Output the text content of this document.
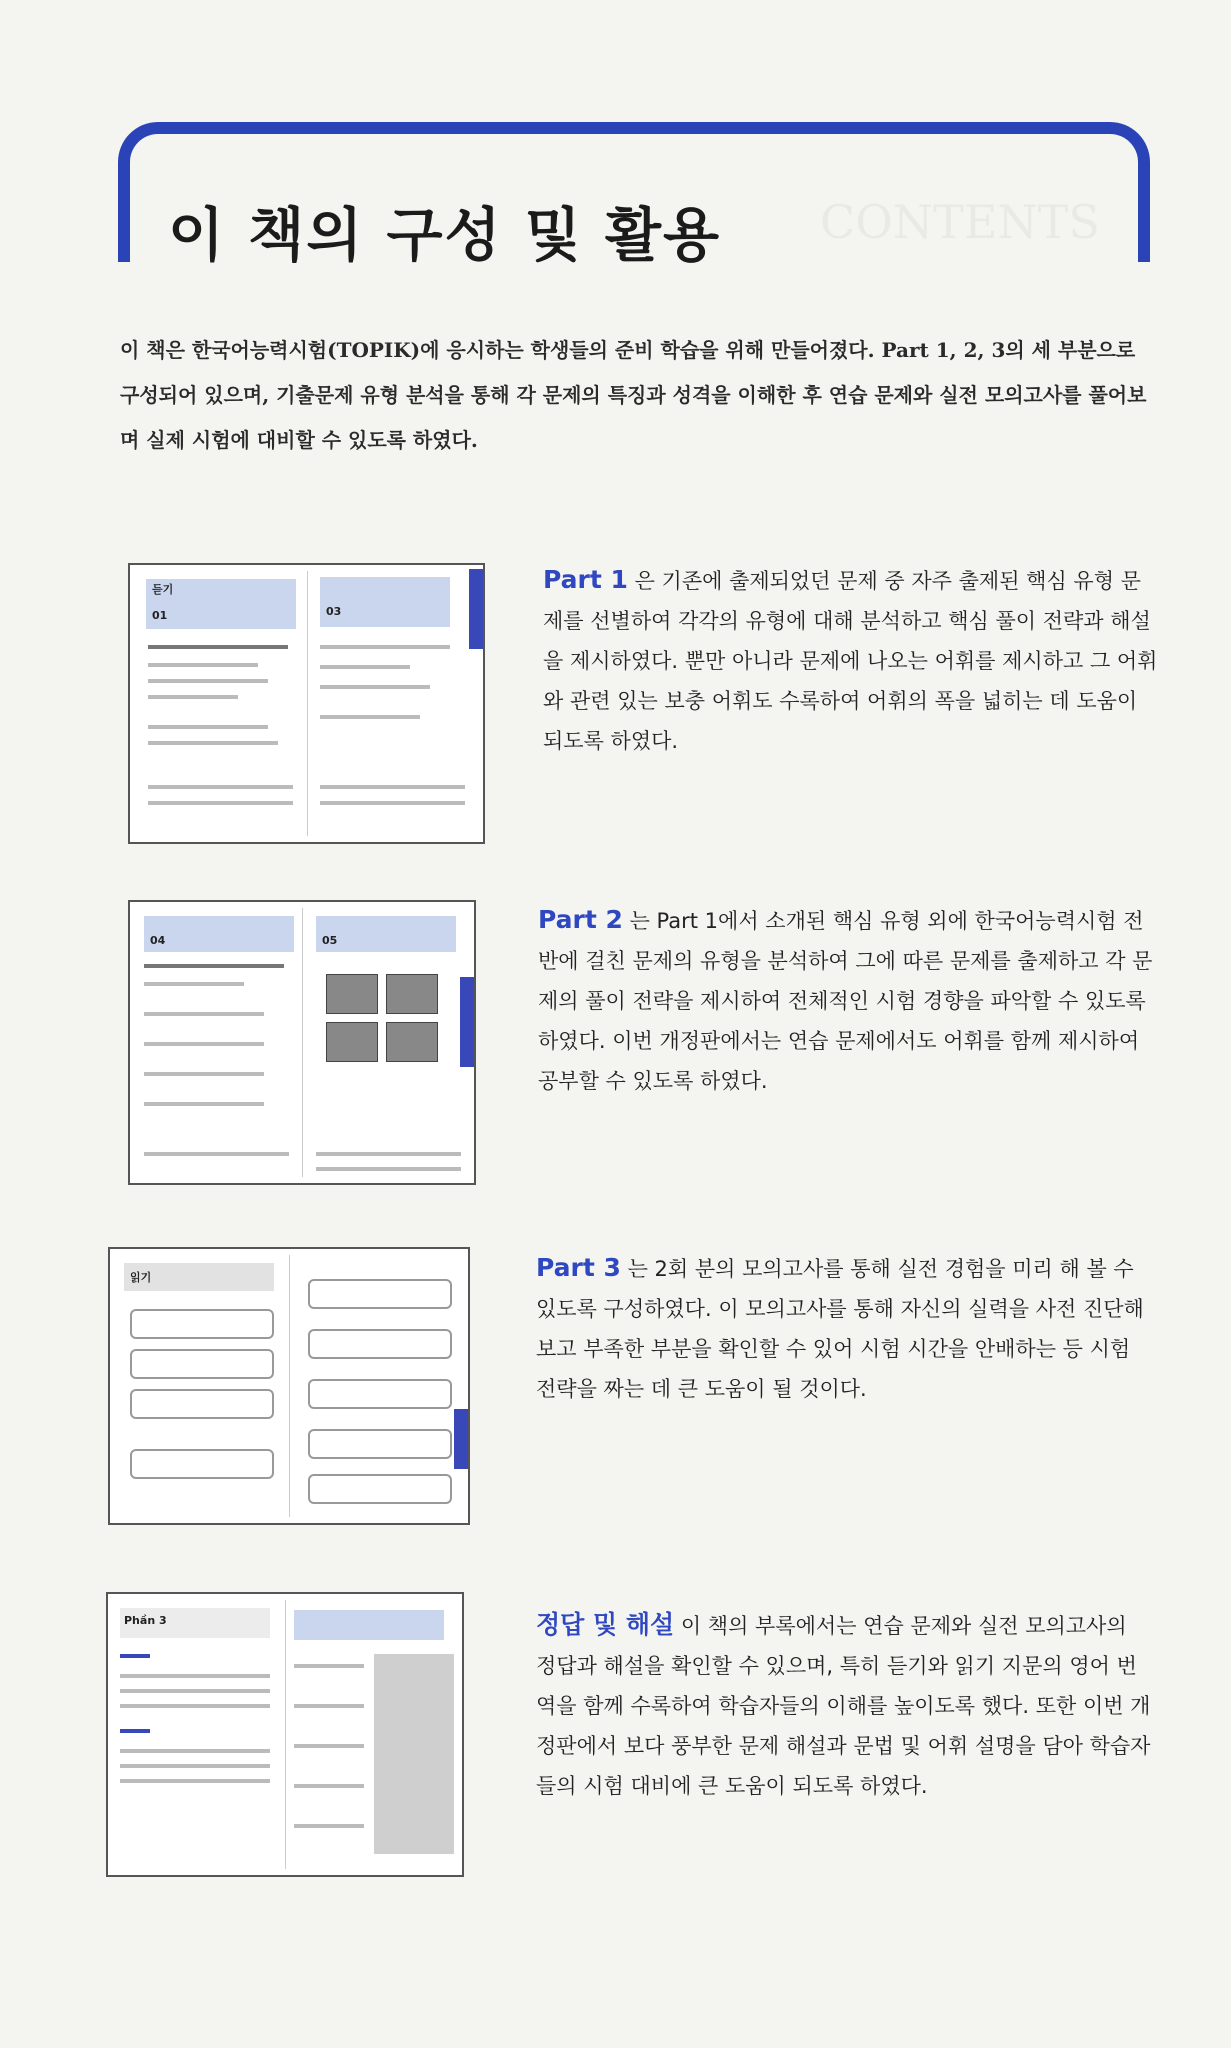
CONTENTS
이 책의 구성 및 활용
이 책은 한국어능력시험(TOPIK)에 응시하는 학생들의 준비 학습을 위해 만들어졌다. Part 1, 2, 3의 세 부분으로 구성되어 있으며, 기출문제 유형 분석을 통해 각 문제의 특징과 성격을 이해한 후 연습 문제와 실전 모의고사를 풀어보며 실제 시험에 대비할 수 있도록 하였다.
듣기
01	03
Part 1 은 기존에 출제되었던 문제 중 자주 출제된 핵심 유형 문제를 선별하여 각각의 유형에 대해 분석하고 핵심 풀이 전략과 해설을 제시하였다. 뿐만 아니라 문제에 나오는 어휘를 제시하고 그 어휘와 관련 있는 보충 어휘도 수록하여 어휘의 폭을 넓히는 데 도움이 되도록 하였다.
04	05
Part 2 는 Part 1에서 소개된 핵심 유형 외에 한국어능력시험 전반에 걸친 문제의 유형을 분석하여 그에 따른 문제를 출제하고 각 문제의 풀이 전략을 제시하여 전체적인 시험 경향을 파악할 수 있도록 하였다. 이번 개정판에서는 연습 문제에서도 어휘를 함께 제시하여 공부할 수 있도록 하였다.
읽기	Part 3 는 2회 분의 모의고사를 통해 실전 경험을 미리 해 볼 수 있도록 구성하였다. 이 모의고사를 통해 자신의 실력을 사전 진단해 보고 부족한 부분을 확인할 수 있어 시험 시간을 안배하는 등 시험 전략을 짜는 데 큰 도움이 될 것이다.
Phần 3	정답 및 해설 이 책의 부록에서는 연습 문제와 실전 모의고사의 정답과 해설을 확인할 수 있으며, 특히 듣기와 읽기 지문의 영어 번역을 함께 수록하여 학습자들의 이해를 높이도록 했다. 또한 이번 개정판에서 보다 풍부한 문제 해설과 문법 및 어휘 설명을 담아 학습자들의 시험 대비에 큰 도움이 되도록 하였다.
